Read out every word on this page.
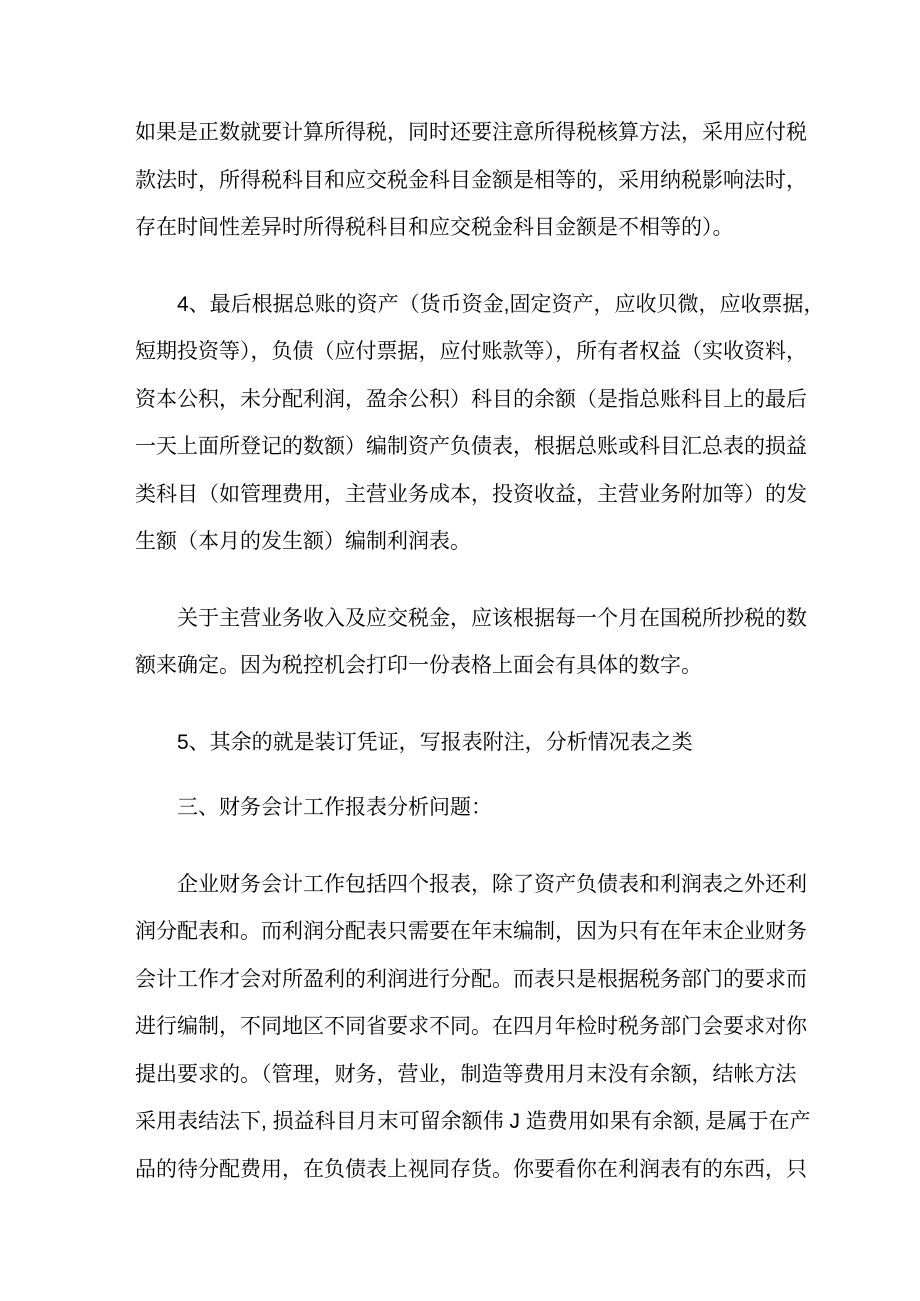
如果是正数就要计算所得税，同时还要注意所得税核算方法，采用应付税
款法时，所得税科目和应交税金科目金额是相等的，采用纳税影响法时，
存在时间性差异时所得税科目和应交税金科目金额是不相等的）。
4、最后根据总账的资产（货币资金,固定资产，应收贝微，应收票据，
短期投资等），负债（应付票据，应付账款等），所有者权益（实收资料，
资本公积，未分配利润，盈余公积）科目的余额（是指总账科目上的最后
一天上面所登记的数额）编制资产负债表，根据总账或科目汇总表的损益
类科目（如管理费用，主营业务成本，投资收益，主营业务附加等）的发
生额（本月的发生额）编制利润表。
关于主营业务收入及应交税金，应该根据每一个月在国税所抄税的数
额来确定。因为税控机会打印一份表格上面会有具体的数字。
5、其余的就是装订凭证，写报表附注，分析情况表之类
三、财务会计工作报表分析问题：
企业财务会计工作包括四个报表，除了资产负债表和利润表之外还利
润分配表和。而利润分配表只需要在年末编制，因为只有在年末企业财务
会计工作才会对所盈利的利润进行分配。而表只是根据税务部门的要求而
进行编制，不同地区不同省要求不同。在四月年检时税务部门会要求对你
提出要求的。（管理，财务，营业，制造等费用月末没有余额，结帐方法
采用表结法下, 损益科目月末可留余额伟 J 造费用如果有余额, 是属于在产
品的待分配费用，在负债表上视同存货。你要看你在利润表有的东西，只
